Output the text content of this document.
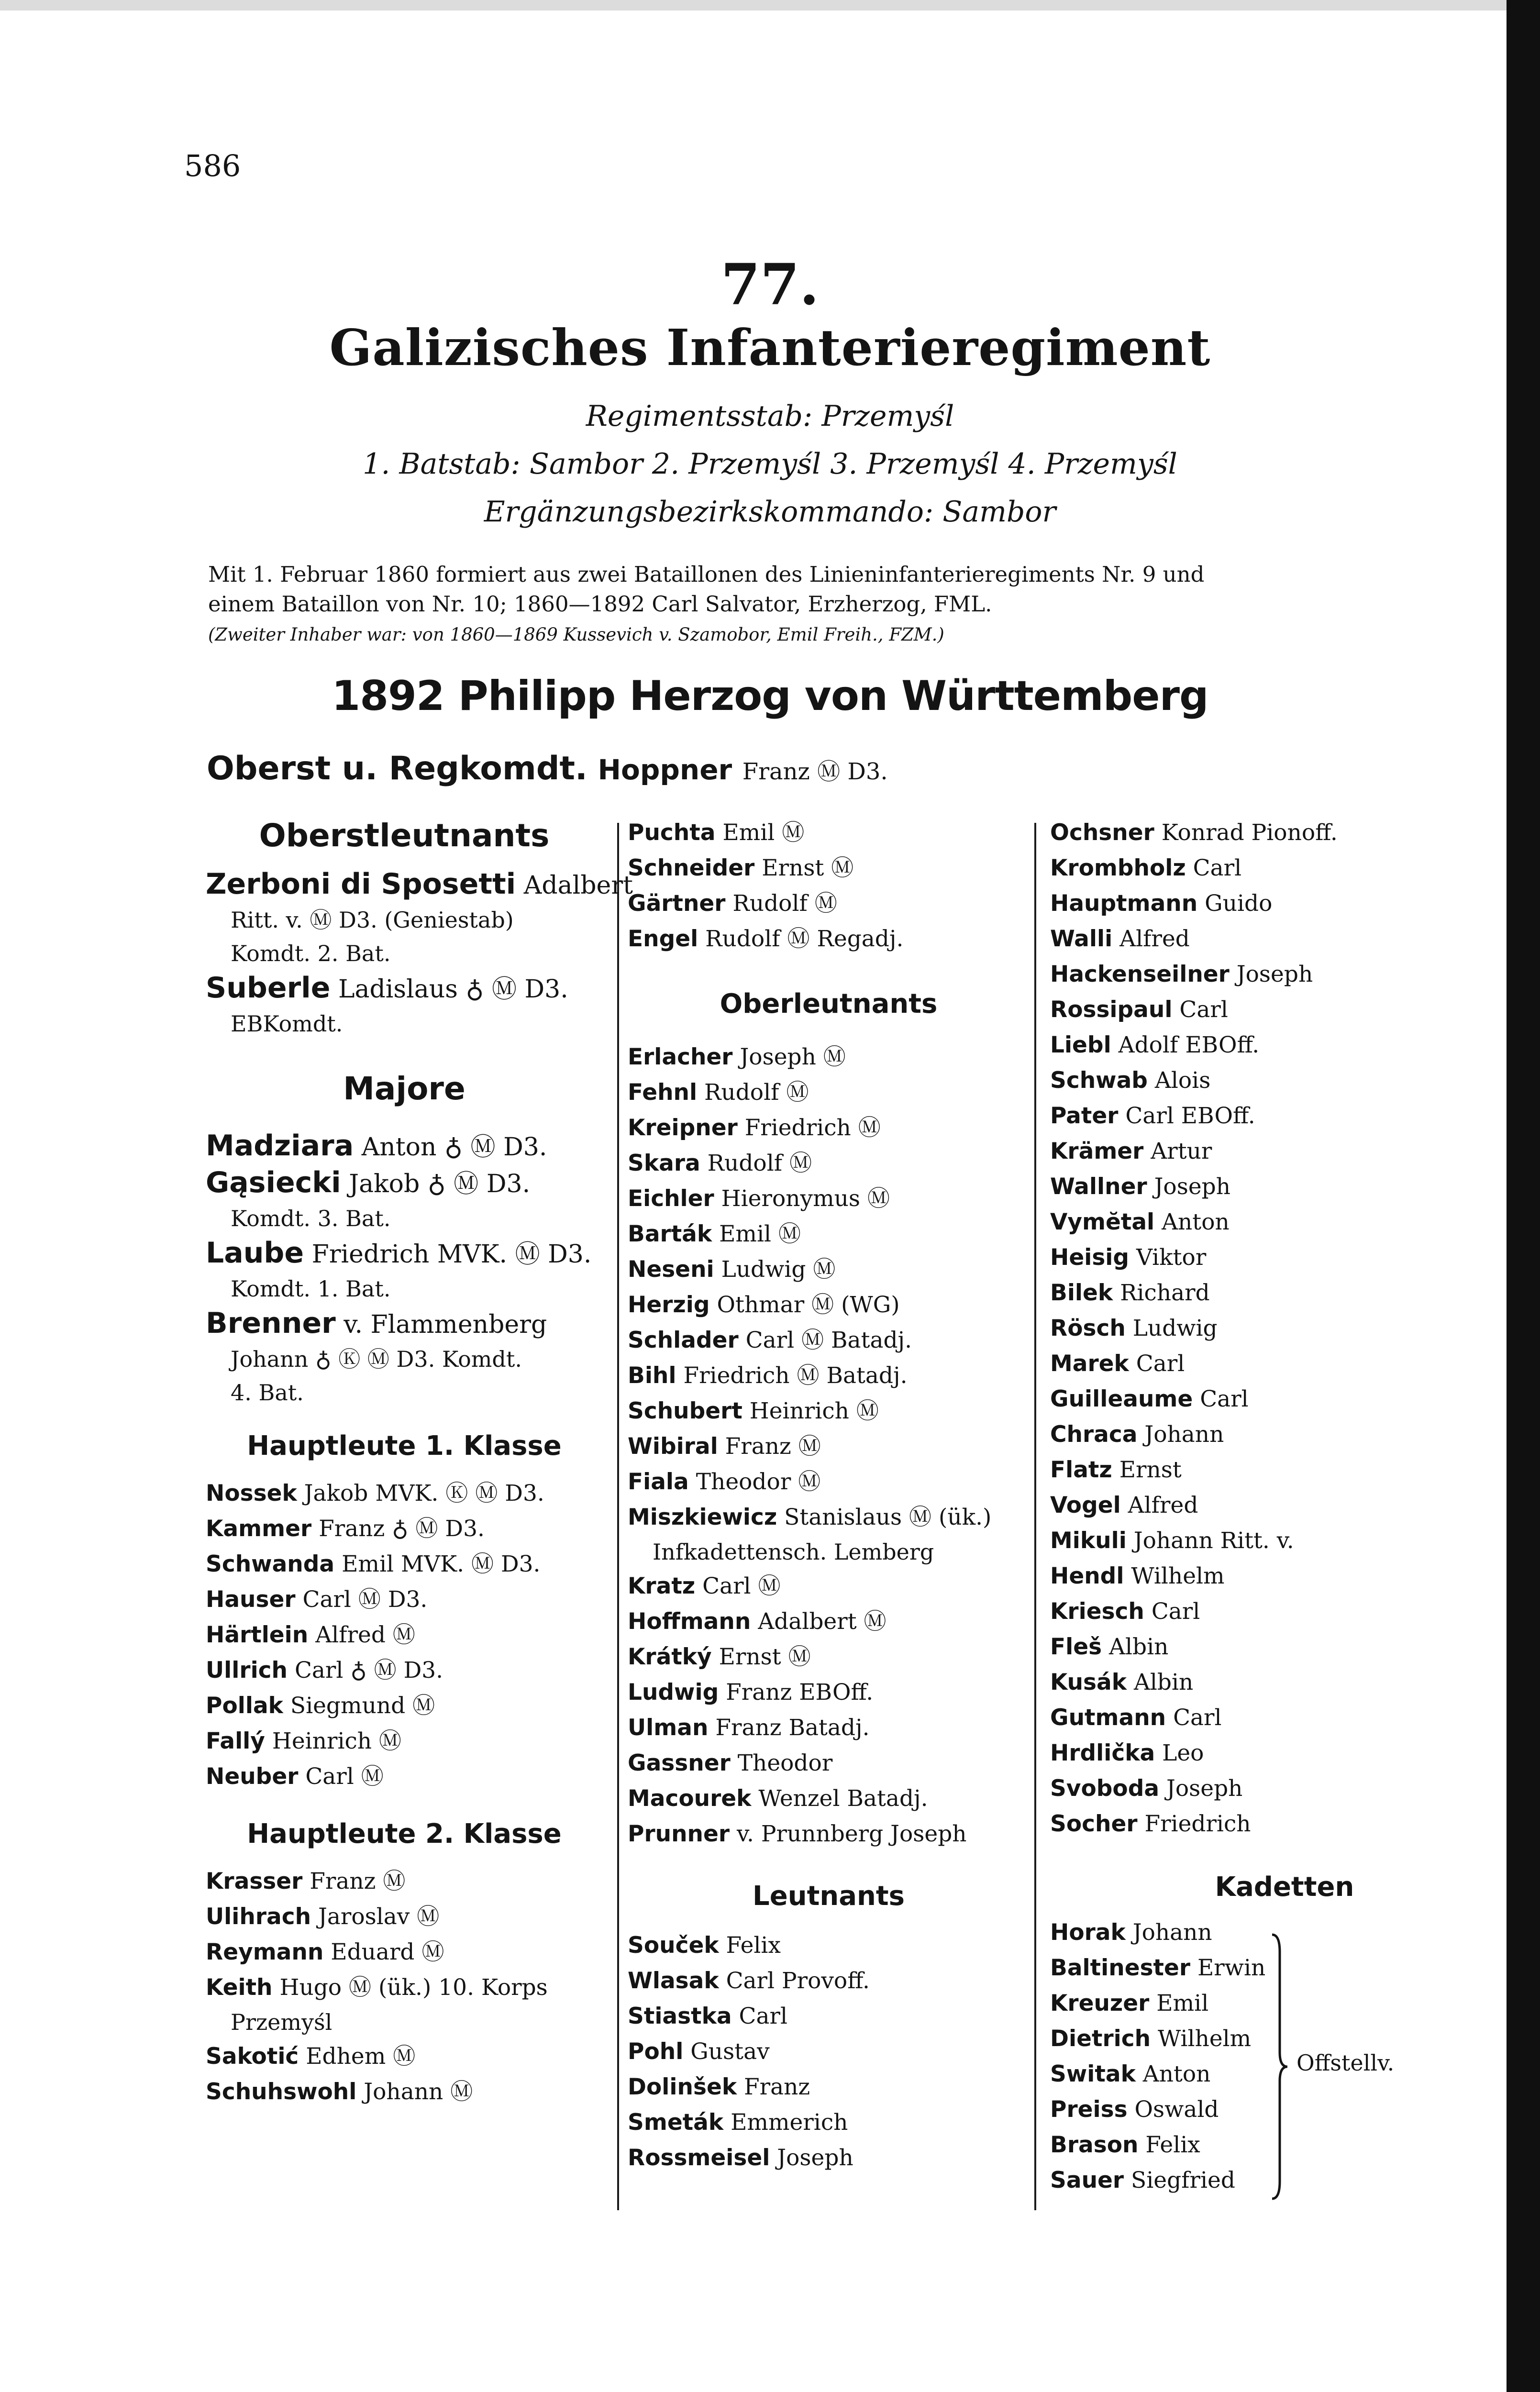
586
77.
Galizisches Infanterieregiment
Regimentsstab: Przemyśl
1. Batstab: Sambor 2. Przemyśl 3. Przemyśl 4. Przemyśl
Ergänzungsbezirkskommando: Sambor
Mit 1. Februar 1860 formiert aus zwei Bataillonen des Linieninfanterieregiments Nr. 9 und
einem Bataillon von Nr. 10; 1860—1892 Carl Salvator, Erzherzog, FML.
(Zweiter Inhaber war: von 1860—1869 Kussevich v. Szamobor, Emil Freih., FZM.)
1892 Philipp Herzog von Württemberg
Oberst u. Regkomdt. Hoppner Franz Ⓜ D3.
Oberstleutnants
Zerboni di Sposetti Adalbert
Ritt. v. Ⓜ D3. (Geniestab)
Komdt. 2. Bat.
Suberle Ladislaus ♁ Ⓜ D3.
EBKomdt.
Majore
Madziara Anton ♁ Ⓜ D3.
Gąsiecki Jakob ♁ Ⓜ D3.
Komdt. 3. Bat.
Laube Friedrich MVK. Ⓜ D3.
Komdt. 1. Bat.
Brenner v. Flammenberg
Johann ♁ Ⓚ Ⓜ D3. Komdt.
4. Bat.
Hauptleute 1. Klasse
Nossek Jakob MVK. Ⓚ Ⓜ D3.
Kammer Franz ♁ Ⓜ D3.
Schwanda Emil MVK. Ⓜ D3.
Hauser Carl Ⓜ D3.
Härtlein Alfred Ⓜ
Ullrich Carl ♁ Ⓜ D3.
Pollak Siegmund Ⓜ
Fallý Heinrich Ⓜ
Neuber Carl Ⓜ
Hauptleute 2. Klasse
Krasser Franz Ⓜ
Ulihrach Jaroslav Ⓜ
Reymann Eduard Ⓜ
Keith Hugo Ⓜ (ük.) 10. Korps
Przemyśl
Sakotić Edhem Ⓜ
Schuhswohl Johann Ⓜ
Puchta Emil Ⓜ
Schneider Ernst Ⓜ
Gärtner Rudolf Ⓜ
Engel Rudolf Ⓜ Regadj.
Oberleutnants
Erlacher Joseph Ⓜ
Fehnl Rudolf Ⓜ
Kreipner Friedrich Ⓜ
Skara Rudolf Ⓜ
Eichler Hieronymus Ⓜ
Barták Emil Ⓜ
Neseni Ludwig Ⓜ
Herzig Othmar Ⓜ (WG)
Schlader Carl Ⓜ Batadj.
Bihl Friedrich Ⓜ Batadj.
Schubert Heinrich Ⓜ
Wibiral Franz Ⓜ
Fiala Theodor Ⓜ
Miszkiewicz Stanislaus Ⓜ (ük.)
Infkadettensch. Lemberg
Kratz Carl Ⓜ
Hoffmann Adalbert Ⓜ
Krátký Ernst Ⓜ
Ludwig Franz EBOff.
Ulman Franz Batadj.
Gassner Theodor
Macourek Wenzel Batadj.
Prunner v. Prunnberg Joseph
Leutnants
Souček Felix
Wlasak Carl Provoff.
Stiastka Carl
Pohl Gustav
Dolinšek Franz
Smeták Emmerich
Rossmeisel Joseph
Ochsner Konrad Pionoff.
Krombholz Carl
Hauptmann Guido
Walli Alfred
Hackenseilner Joseph
Rossipaul Carl
Liebl Adolf EBOff.
Schwab Alois
Pater Carl EBOff.
Krämer Artur
Wallner Joseph
Vymĕtal Anton
Heisig Viktor
Bilek Richard
Rösch Ludwig
Marek Carl
Guilleaume Carl
Chraca Johann
Flatz Ernst
Vogel Alfred
Mikuli Johann Ritt. v.
Hendl Wilhelm
Kriesch Carl
Fleš Albin
Kusák Albin
Gutmann Carl
Hrdlička Leo
Svoboda Joseph
Socher Friedrich
Kadetten
Horak Johann
Baltinester Erwin
Kreuzer Emil
Dietrich Wilhelm
Switak Anton
Preiss Oswald
Brason Felix
Sauer Siegfried
Offstellv.
